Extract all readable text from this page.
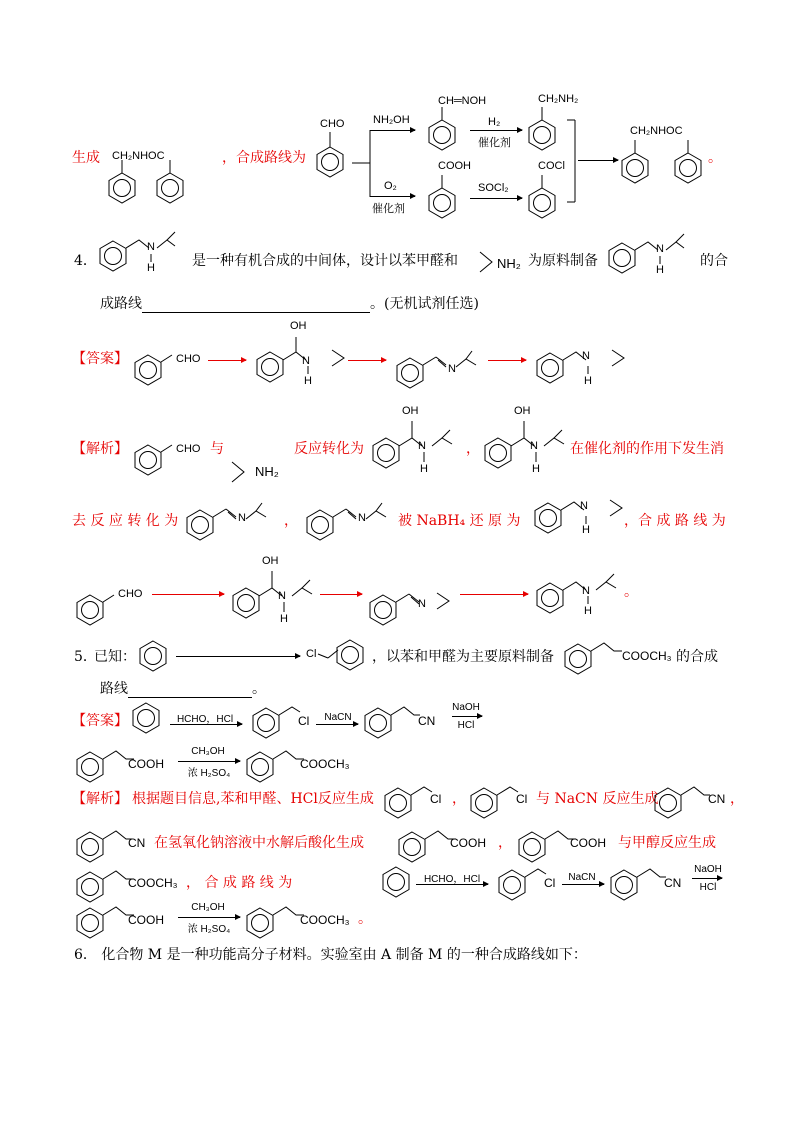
生成 CH₂NHOC	，合成路线为
CHO	NH₂OH
O₂
催化剂
CH═NOH
H₂
催化剂
CH₂NH₂
COOH
SOCl₂
COCl
CH₂NHOC
。
4．
N
H	是一种有机合成的中间体，设计以苯甲醛和	NH₂ 为原料制备
N
H
的合
成路线	。(无机试剂任选)
【答案】	CHO
OH
N
H
N
N
H
【解析】	CHO 与
NH₂
反应转化为
OH
N
H
，
OH
N
H
在催化剂的作用下发生消
去 反 应 转 化 为	N	，	N 被 NaBH₄ 还 原 为
N
H
，合 成 路 线 为
CHO
OH
N
H
N
N
H
。
5．
已知：	Cl	，以苯和甲醛为主要原料制备	COOCH₃ 的合成
路线	。
【答案】	HCHO，HCl	Cl	NaCN	CN
NaOH
HCl
COOH
CH₃OH
浓 H₂SO₄
COOCH₃
【解析】 根据题目信息,苯和甲醛、HCl反应生成	Cl ，	Cl 与 NaCN 反应生成	CN ，
CN 在氢氧化钠溶液中水解后酸化生成	COOH ，	COOH 与甲醇反应生成
COOCH₃ ， 合 成 路 线 为	HCHO，HCl	Cl	NaCN	CN
NaOH
HCl
COOH
CH₃OH
浓 H₂SO₄
COOCH₃ 。
6． 化合物 M 是一种功能高分子材料。实验室由 A 制备 M 的一种合成路线如下：
